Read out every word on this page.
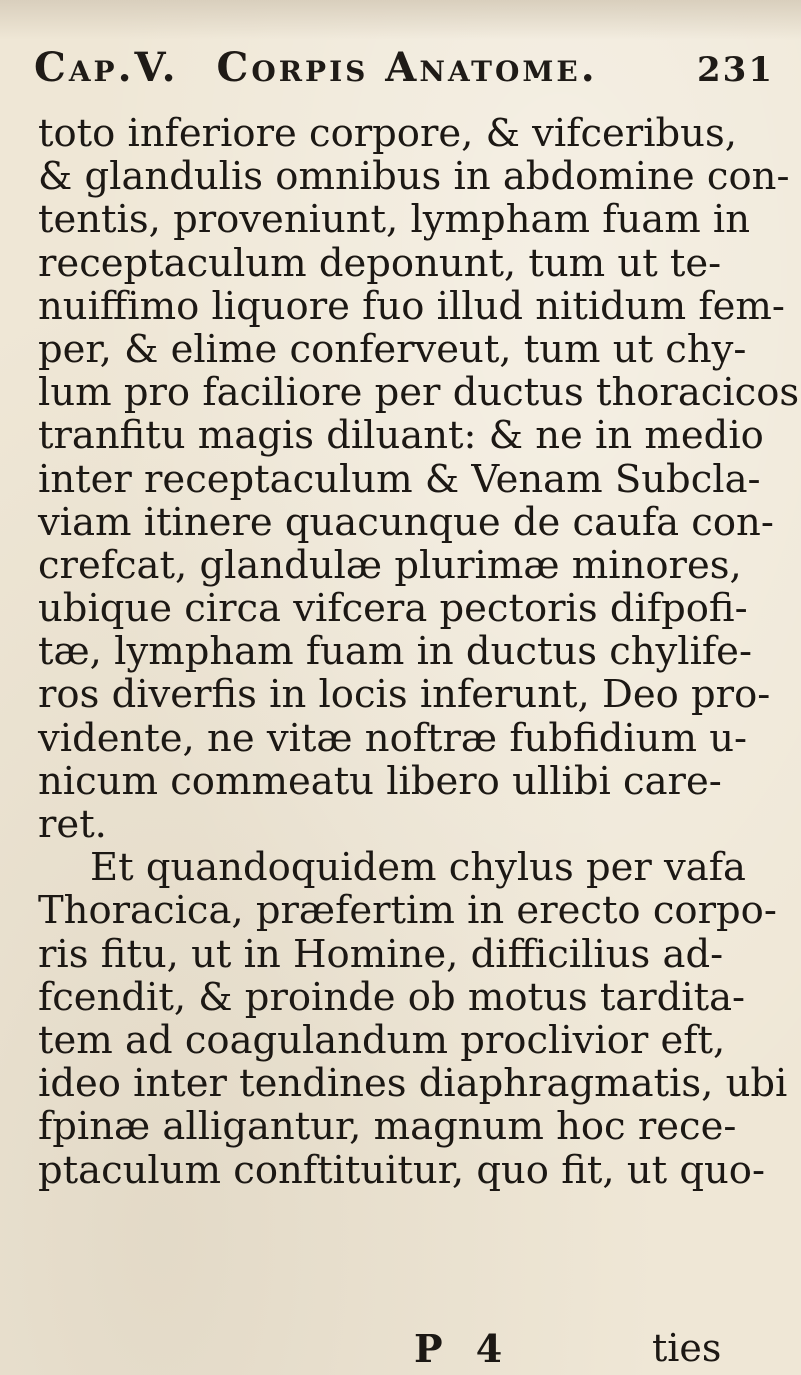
Cap.V. Corpis Anatome.	231
toto inferiore corpore, & vifceribus,
& glandulis omnibus in abdomine con-
tentis, proveniunt, lympham fuam in
receptaculum deponunt, tum ut te-
nuiffimo liquore fuo illud nitidum fem-
per, & elime conferveut, tum ut chy-
lum pro faciliore per ductus thoracicos
tranfitu magis diluant: & ne in medio
inter receptaculum & Venam Subcla-
viam itinere quacunque de caufa con-
crefcat, glandulæ plurimæ minores,
ubique circa vifcera pectoris difpofi-
tæ, lympham fuam in ductus chylife-
ros diverfis in locis inferunt, Deo pro-
vidente, ne vitæ noftræ fubfidium u-
nicum commeatu libero ullibi care-
ret.
Et quandoquidem chylus per vafa
Thoracica, præfertim in erecto corpo-
ris fitu, ut in Homine, difficilius ad-
fcendit, & proinde ob motus tardita-
tem ad coagulandum proclivior eft,
ideo inter tendines diaphragmatis, ubi
fpinæ alligantur, magnum hoc rece-
ptaculum conftituitur, quo fit, ut quo-
P 4	ties
